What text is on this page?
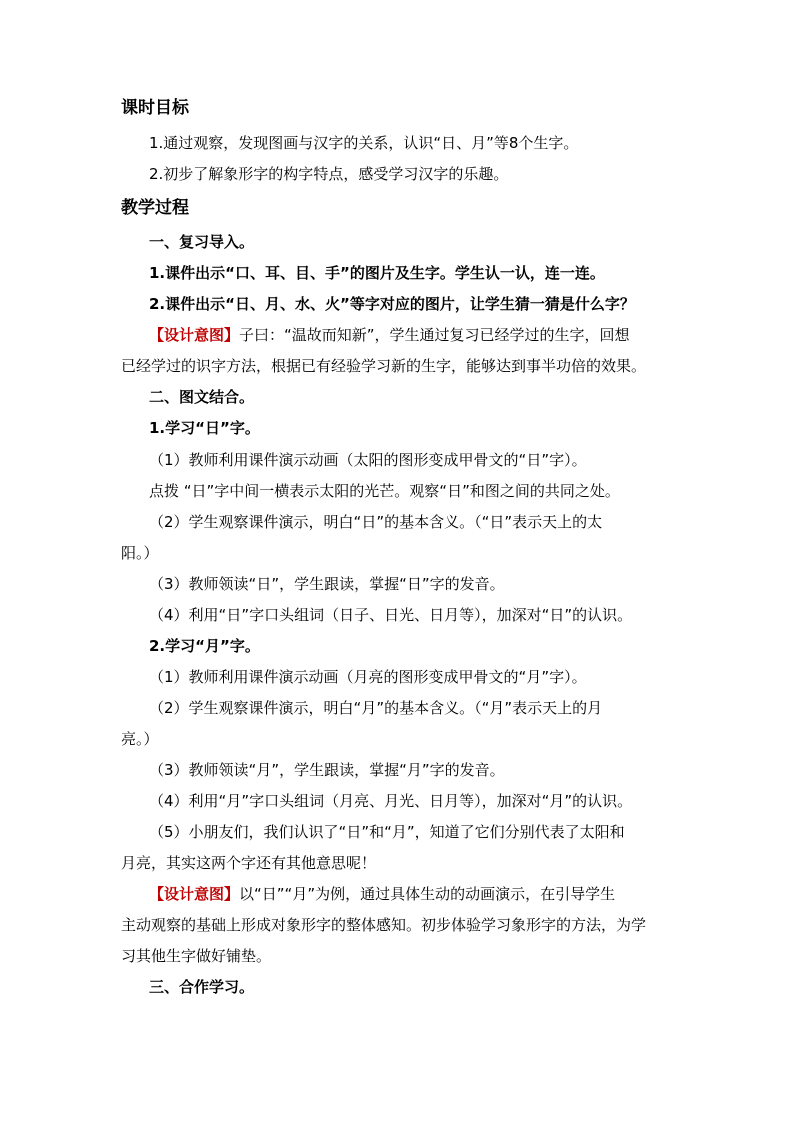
课时目标
1.通过观察，发现图画与汉字的关系，认识“日、月”等8个生字。
2.初步了解象形字的构字特点，感受学习汉字的乐趣。
教学过程
一、复习导入。
1.课件出示“口、耳、目、手”的图片及生字。学生认一认，连一连。
2.课件出示“日、月、水、火”等字对应的图片，让学生猜一猜是什么字？
【设计意图】子曰：“温故而知新”，学生通过复习已经学过的生字，回想
已经学过的识字方法，根据已有经验学习新的生字，能够达到事半功倍的效果。
二、图文结合。
1.学习“日”字。
（1）教师利用课件演示动画（太阳的图形变成甲骨文的“日”字）。
点拨 “日”字中间一横表示太阳的光芒。观察“日”和图之间的共同之处。
（2）学生观察课件演示，明白“日”的基本含义。（“日”表示天上的太
阳。）
（3）教师领读“日”，学生跟读，掌握“日”字的发音。
（4）利用“日”字口头组词（日子、日光、日月等），加深对“日”的认识。
2.学习“月”字。
（1）教师利用课件演示动画（月亮的图形变成甲骨文的“月”字）。
（2）学生观察课件演示，明白“月”的基本含义。（“月”表示天上的月
亮。）
（3）教师领读“月”，学生跟读，掌握“月”字的发音。
（4）利用“月”字口头组词（月亮、月光、日月等），加深对“月”的认识。
（5）小朋友们，我们认识了“日”和“月”，知道了它们分别代表了太阳和
月亮，其实这两个字还有其他意思呢！
【设计意图】以“日”“月”为例，通过具体生动的动画演示，在引导学生
主动观察的基础上形成对象形字的整体感知。初步体验学习象形字的方法，为学
习其他生字做好铺垫。
三、合作学习。
